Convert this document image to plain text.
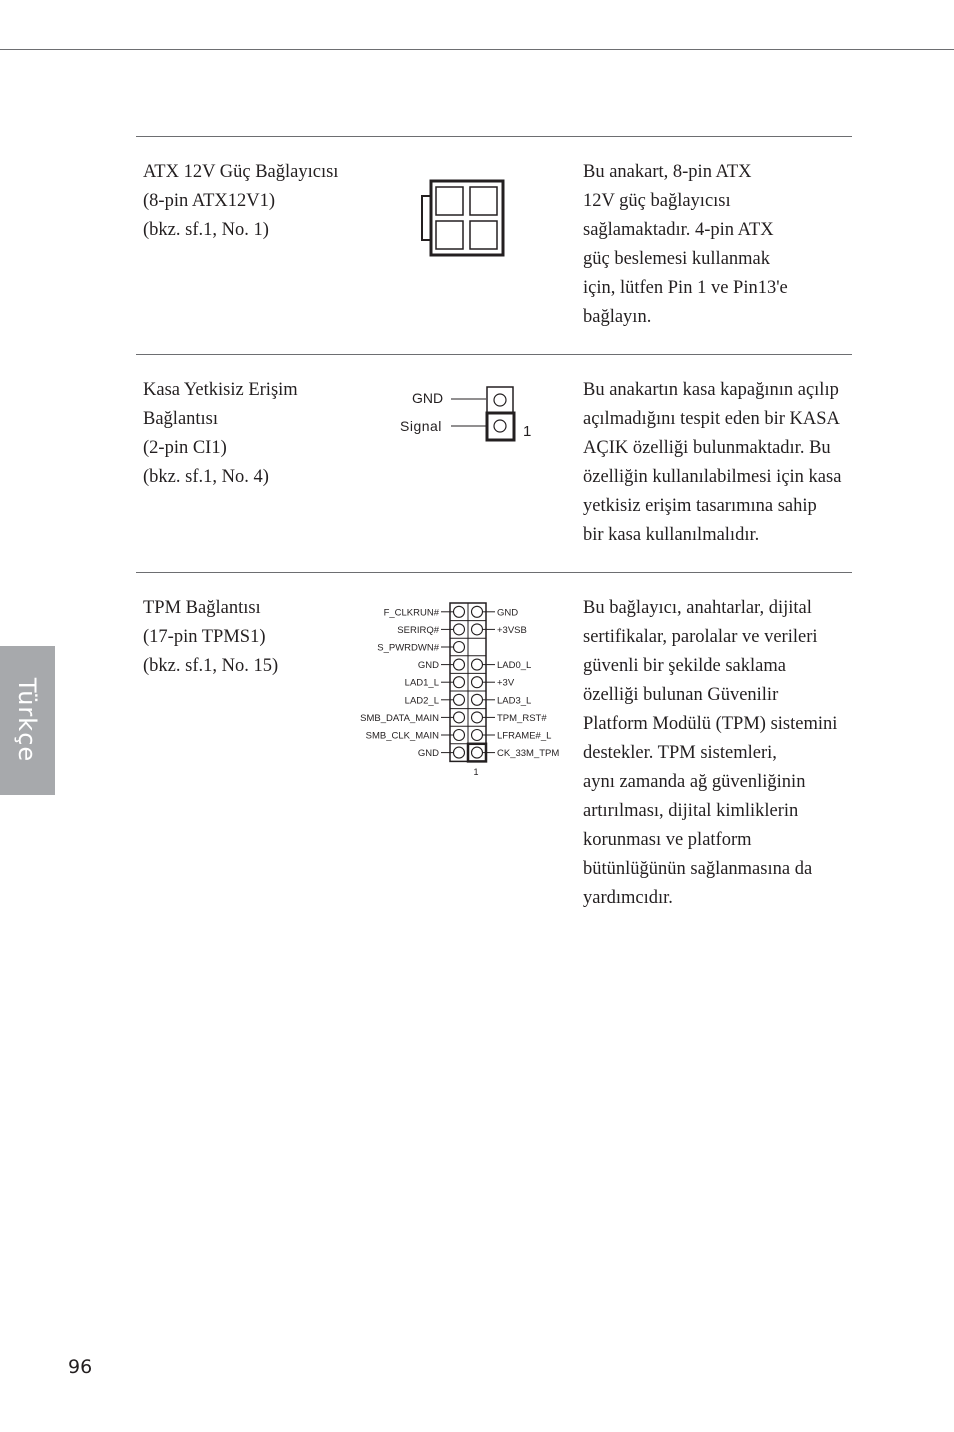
ATX 12V Güç Bağlayıcısı
(8-pin ATX12V1)
(bkz. sf.1, No. 1)
Bu anakart, 8-pin ATX
12V güç bağlayıcısı
sağlamaktadır. 4-pin ATX
güç beslemesi kullanmak
için, lütfen Pin 1 ve Pin13'e
bağlayın.
Kasa Yetkisiz Erişim
Bağlantısı
(2-pin CI1)
(bkz. sf.1, No. 4)
GND
Signal	1
Bu anakartın kasa kapağının açılıp
açılmadığını tespit eden bir KASA
AÇIK özelliği bulunmaktadır. Bu
özelliğin kullanılabilmesi için kasa
yetkisiz erişim tasarımına sahip
bir kasa kullanılmalıdır.
TPM Bağlantısı
(17-pin TPMS1)
(bkz. sf.1, No. 15)
F_CLKRUN#	GND
SERIRQ#	+3VSB
S_PWRDWN#
GND	LAD0_L
LAD1_L	+3V
LAD2_L	LAD3_L
SMB_DATA_MAIN	TPM_RST#
SMB_CLK_MAIN	LFRAME#_L
GND	CK_33M_TPM
1
Bu bağlayıcı, anahtarlar, dijital
sertifikalar, parolalar ve verileri
güvenli bir şekilde saklama
özelliği bulunan Güvenilir
Platform Modülü (TPM) sistemini
destekler. TPM sistemleri,
aynı zamanda ağ güvenliğinin
artırılması, dijital kimliklerin
korunması ve platform
bütünlüğünün sağlanmasına da
yardımcıdır.
Türkçe
96
